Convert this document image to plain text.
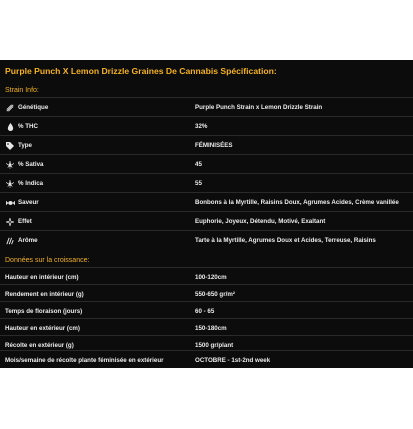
Purple Punch X Lemon Drizzle Graines De Cannabis Spécification:
Strain Info:
Génétique	Purple Punch Strain x Lemon Drizzle Strain
% THC	32%
Type	FÉMINISÉES
% Sativa	45
% Indica	55
Saveur	Bonbons à la Myrtille, Raisins Doux, Agrumes Acides, Crème vanillée
Effet	Euphorie, Joyeux, Détendu, Motivé, Exaltant
Arôme	Tarte à la Myrtille, Agrumes Doux et Acides, Terreuse, Raisins
Données sur la croissance:
Hauteur en intérieur (cm)	100-120cm
Rendement en intérieur (g)	550-650 gr/m²
Temps de floraison (jours)	60 - 65
Hauteur en extérieur (cm)	150-180cm
Récolte en extérieur (g)	1500 gr/plant
Mois/semaine de récolte plante féminisée en extérieur	OCTOBRE - 1st-2nd week
